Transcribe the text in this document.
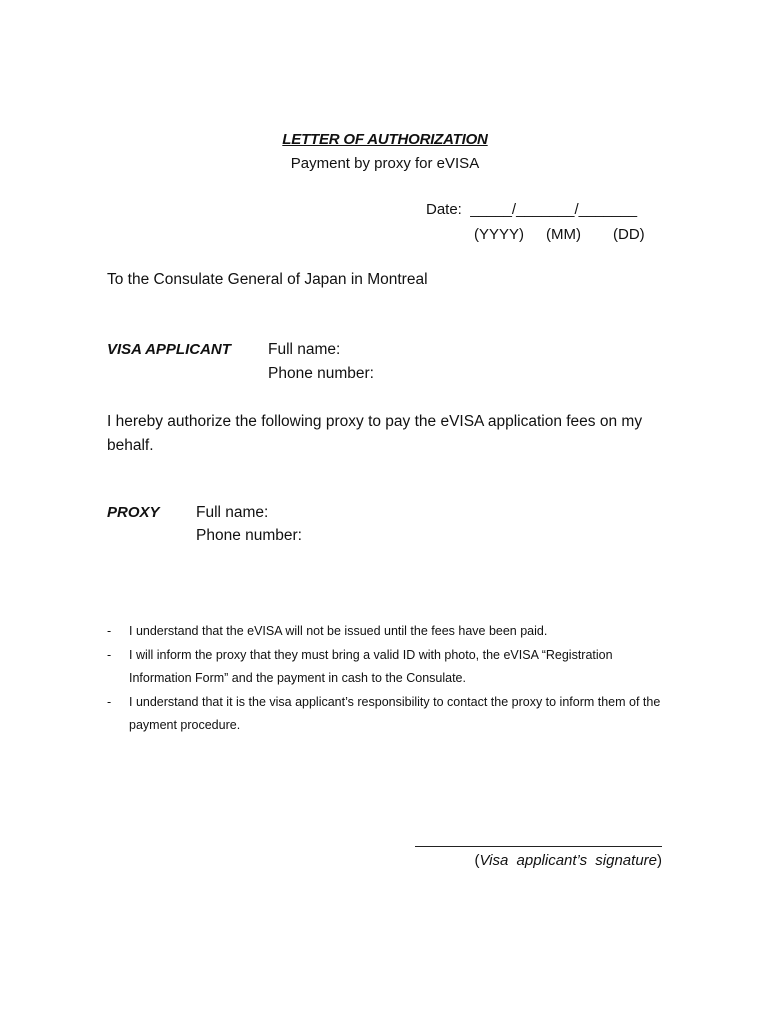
LETTER OF AUTHORIZATION
Payment by proxy for eVISA
Date: _____/_______/_______
(YYYY) (MM) (DD)
To the Consulate General of Japan in Montreal
VISA APPLICANT Full name:
Phone number:
I hereby authorize the following proxy to pay the eVISA application fees on my behalf.
PROXY Full name:
Phone number:
- I understand that the eVISA will not be issued until the fees have been paid.
- I will inform the proxy that they must bring a valid ID with photo, the eVISA “Registration Information Form” and the payment in cash to the Consulate.
- I understand that it is the visa applicant’s responsibility to contact the proxy to inform them of the payment procedure.
(Visa applicant’s signature)
